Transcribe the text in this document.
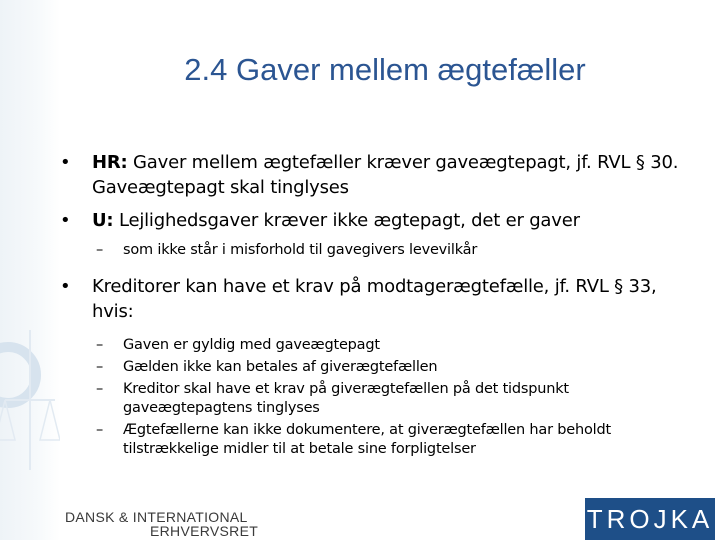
2.4 Gaver mellem ægtefæller
• HR: Gaver mellem ægtefæller kræver gaveægtepagt, jf. RVL § 30. Gaveægtepagt skal tinglyses
• U: Lejlighedsgaver kræver ikke ægtepagt, det er gaver
– som ikke står i misforhold til gavegivers levevilkår
• Kreditorer kan have et krav på modtagerægtefælle, jf. RVL § 33, hvis:
– Gaven er gyldig med gaveægtepagt
– Gælden ikke kan betales af giverægtefællen
– Kreditor skal have et krav på giverægtefællen på det tidspunkt gaveægtepagtens tinglyses
– Ægtefællerne kan ikke dokumentere, at giverægtefællen har beholdt tilstrækkelige midler til at betale sine forpligtelser
DANSK & INTERNATIONAL
ERHVERVSRET	TROJKA
